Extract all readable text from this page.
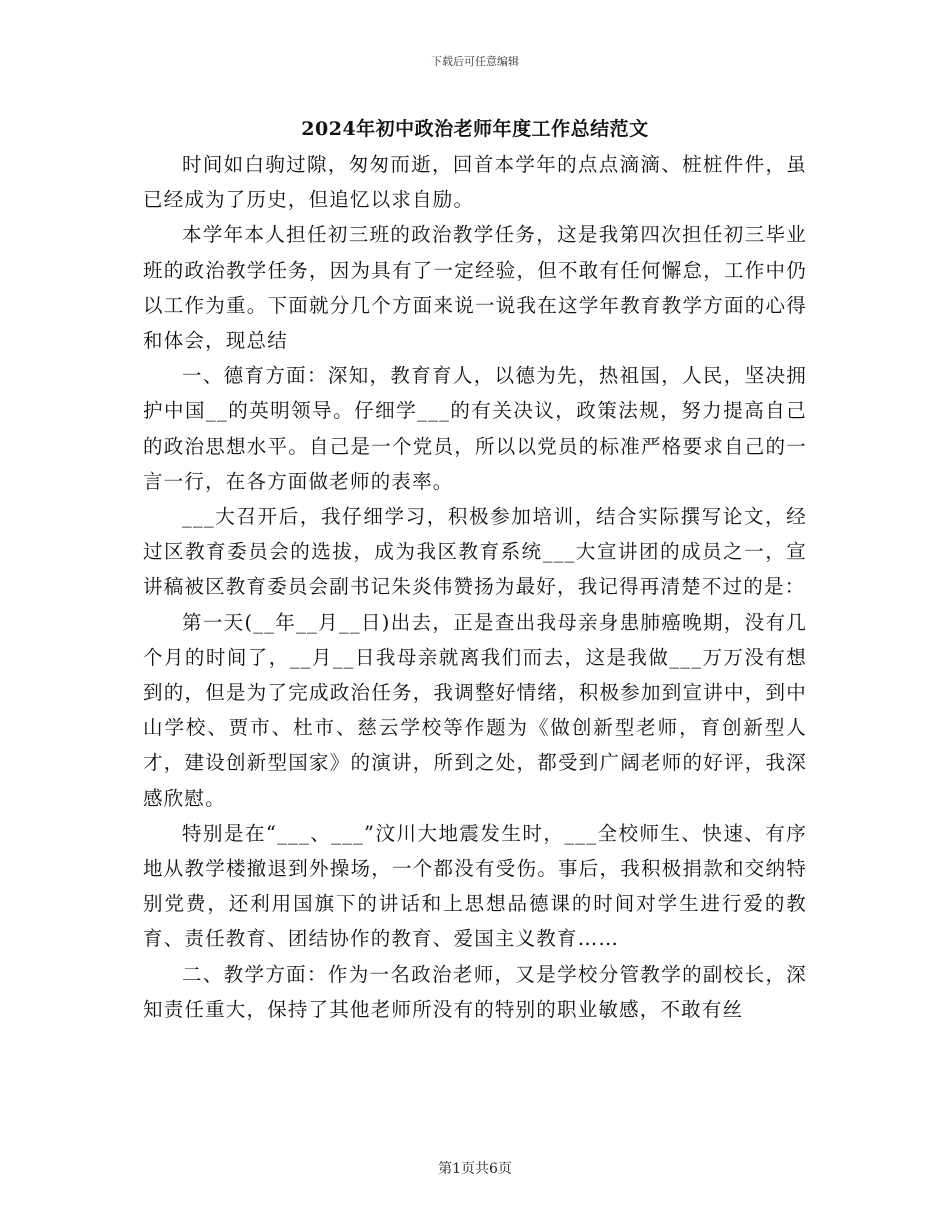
下载后可任意编辑
2024年初中政治老师年度工作总结范文

时间如白驹过隙，匆匆而逝，回首本学年的点点滴滴、桩桩件件，虽已经成为了历史，但追忆以求自励。

本学年本人担任初三班的政治教学任务，这是我第四次担任初三毕业班的政治教学任务，因为具有了一定经验，但不敢有任何懈怠，工作中仍以工作为重。下面就分几个方面来说一说我在这学年教育教学方面的心得和体会，现总结

一、德育方面：深知，教育育人，以德为先，热祖国，人民，坚决拥护中国__的英明领导。仔细学___的有关决议，政策法规，努力提高自己的政治思想水平。自己是一个党员，所以以党员的标准严格要求自己的一言一行，在各方面做老师的表率。

___大召开后，我仔细学习，积极参加培训，结合实际撰写论文，经过区教育委员会的选拔，成为我区教育系统___大宣讲团的成员之一，宣讲稿被区教育委员会副书记朱炎伟赞扬为最好，我记得再清楚不过的是：

第一天(__年__月__日)出去，正是查出我母亲身患肺癌晚期，没有几个月的时间了，__月__日我母亲就离我们而去，这是我做___万万没有想到的，但是为了完成政治任务，我调整好情绪，积极参加到宣讲中，到中山学校、贾市、杜市、慈云学校等作题为《做创新型老师，育创新型人才，建设创新型国家》的演讲，所到之处，都受到广阔老师的好评，我深感欣慰。

特别是在“___、___”汶川大地震发生时，___全校师生、快速、有序地从教学楼撤退到外操场，一个都没有受伤。事后，我积极捐款和交纳特别党费，还利用国旗下的讲话和上思想品德课的时间对学生进行爱的教育、责任教育、团结协作的教育、爱国主义教育……

二、教学方面：作为一名政治老师，又是学校分管教学的副校长，深知责任重大，保持了其他老师所没有的特别的职业敏感，不敢有丝

第1页共6页
